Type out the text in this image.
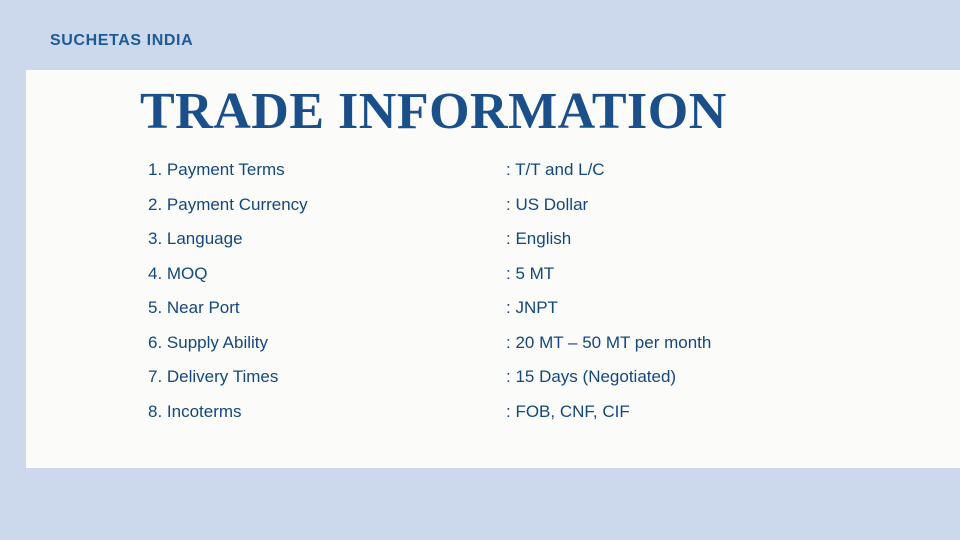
SUCHETAS INDIA
TRADE INFORMATION
1. Payment Terms	: T/T and L/C
2. Payment Currency	: US Dollar
3. Language	: English
4. MOQ	: 5 MT
5. Near Port	: JNPT
6. Supply Ability	: 20 MT – 50 MT per month
7. Delivery Times	: 15 Days (Negotiated)
8. Incoterms	: FOB, CNF, CIF
